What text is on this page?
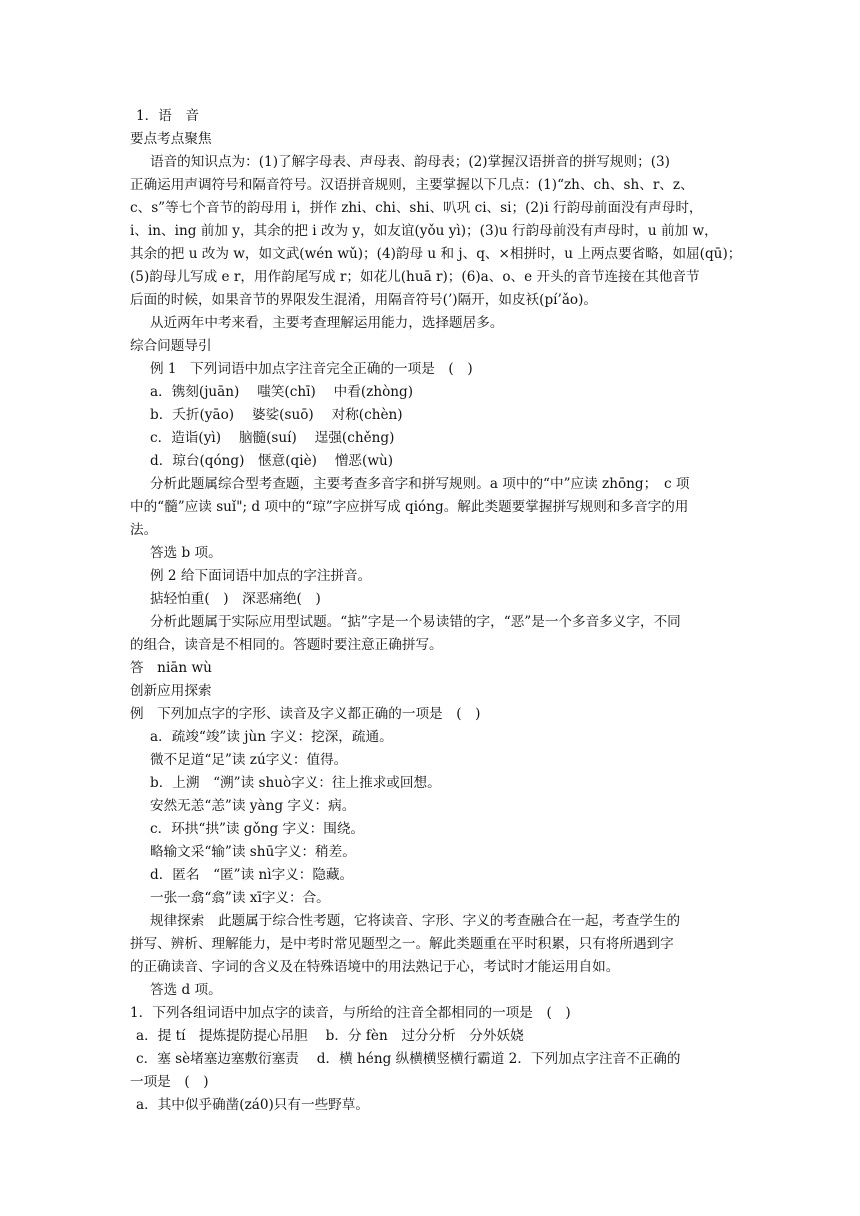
1．语　音
要点考点聚焦
语音的知识点为：(1)了解字母表、声母表、韵母表；(2)掌握汉语拼音的拼写规则；(3)
正确运用声调符号和隔音符号。汉语拼音规则，主要掌握以下几点：(1)“zh、ch、sh、r、z、
c、s”等七个音节的韵母用 i，拼作 zhi、chi、shi、叭巩 ci、si；(2)i 行韵母前面没有声母时，
i、in、ing 前加 y，其余的把 i 改为 y，如友谊(yǒu yì)；(3)u 行韵母前没有声母时，u 前加 w，
其余的把 u 改为 w，如文武(wén wǔ)；(4)韵母 u 和 j、q、×相拼时，u 上两点要省略，如屈(qū)；
(5)韵母儿写成 e r，用作韵尾写成 r；如花儿(huā r)；(6)a、o、e 开头的音节连接在其他音节
后面的时候，如果音节的界限发生混淆，用隔音符号(’)隔开，如皮袄(pí’ǎo)。
从近两年中考来看，主要考查理解运用能力，选择题居多。
综合问题导引
例 1　下列词语中加点字注音完全正确的一项是　(　)
a．镌刻(juān)　 嗤笑(chī)　 中看(zhòng)
b．夭折(yāo)　 婆娑(suō)　 对称(chèn)
c．造诣(yì)　 脑髓(suí)　 逞强(chěng)
d．琼台(qóng)　惬意(qiè)　 憎恶(wù)
分析此题属综合型考查题，主要考查多音字和拼写规则。a 项中的“中”应读 zhōng；　c 项
中的“髓”应读 suǐ"; d 项中的“琼”字应拼写成 qióng。解此类题要掌握拼写规则和多音字的用
法。
答选 b 项。
例 2 给下面词语中加点的字注拼音。
掂轻怕重(　)　深恶痛绝(　)
分析此题属于实际应用型试题。“掂”字是一个易读错的字，“恶”是一个多音多义字，不同
的组合，读音是不相同的。答题时要注意正确拼写。
答　niān wù
创新应用探索
例　下列加点字的字形、读音及字义都正确的一项是　(　)
a．疏竣“竣”读 jùn 字义：挖深，疏通。
微不足道“足”读 zú字义：值得。
b．上溯　“溯”读 shuò字义：往上推求或回想。
安然无恙“恙”读 yàng 字义：病。
c．环拱“拱”读 gǒng 字义：围绕。
略输文采“输”读 shū字义：稍差。
d．匿名　“匿”读 nì字义：隐藏。
一张一翕“翕”读 xī字义：合。
规律探索　此题属于综合性考题，它将读音、字形、字义的考查融合在一起，考查学生的
拼写、辨析、理解能力，是中考时常见题型之一。解此类题重在平时积累，只有将所遇到字
的正确读音、字词的含义及在特殊语境中的用法熟记于心，考试时才能运用自如。
答选 d 项。
1．下列各组词语中加点字的读音，与所给的注音全都相同的一项是　(　)
a．提 tí　提炼提防提心吊胆　 b．分 fèn　过分分析　分外妖娆
c．塞 sè堵塞边塞敷衍塞责　 d．横 héng 纵横横竖横行霸道 2．下列加点字注音不正确的
一项是　(　)
a．其中似乎确凿(zá0)只有一些野草。
